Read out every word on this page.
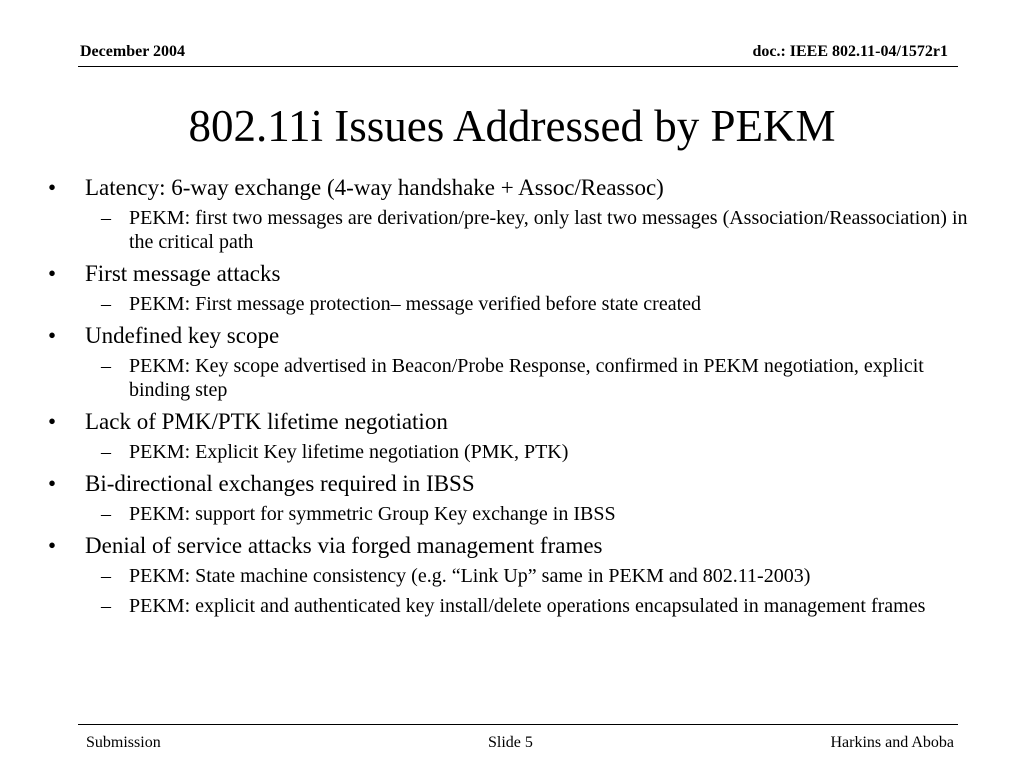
December 2004	doc.: IEEE 802.11-04/1572r1
802.11i Issues Addressed by PEKM
• Latency: 6-way exchange (4-way handshake + Assoc/Reassoc)
– PEKM: first two messages are derivation/pre-key, only last two messages (Association/Reassociation) in the critical path
• First message attacks
– PEKM: First message protection– message verified before state created
• Undefined key scope
– PEKM: Key scope advertised in Beacon/Probe Response, confirmed in PEKM negotiation, explicit binding step
• Lack of PMK/PTK lifetime negotiation
– PEKM: Explicit Key lifetime negotiation (PMK, PTK)
• Bi-directional exchanges required in IBSS
– PEKM: support for symmetric Group Key exchange in IBSS
• Denial of service attacks via forged management frames
– PEKM: State machine consistency (e.g. “Link Up” same in PEKM and 802.11-2003)
– PEKM: explicit and authenticated key install/delete operations encapsulated in management frames
Submission	Slide 5	Harkins and Aboba
